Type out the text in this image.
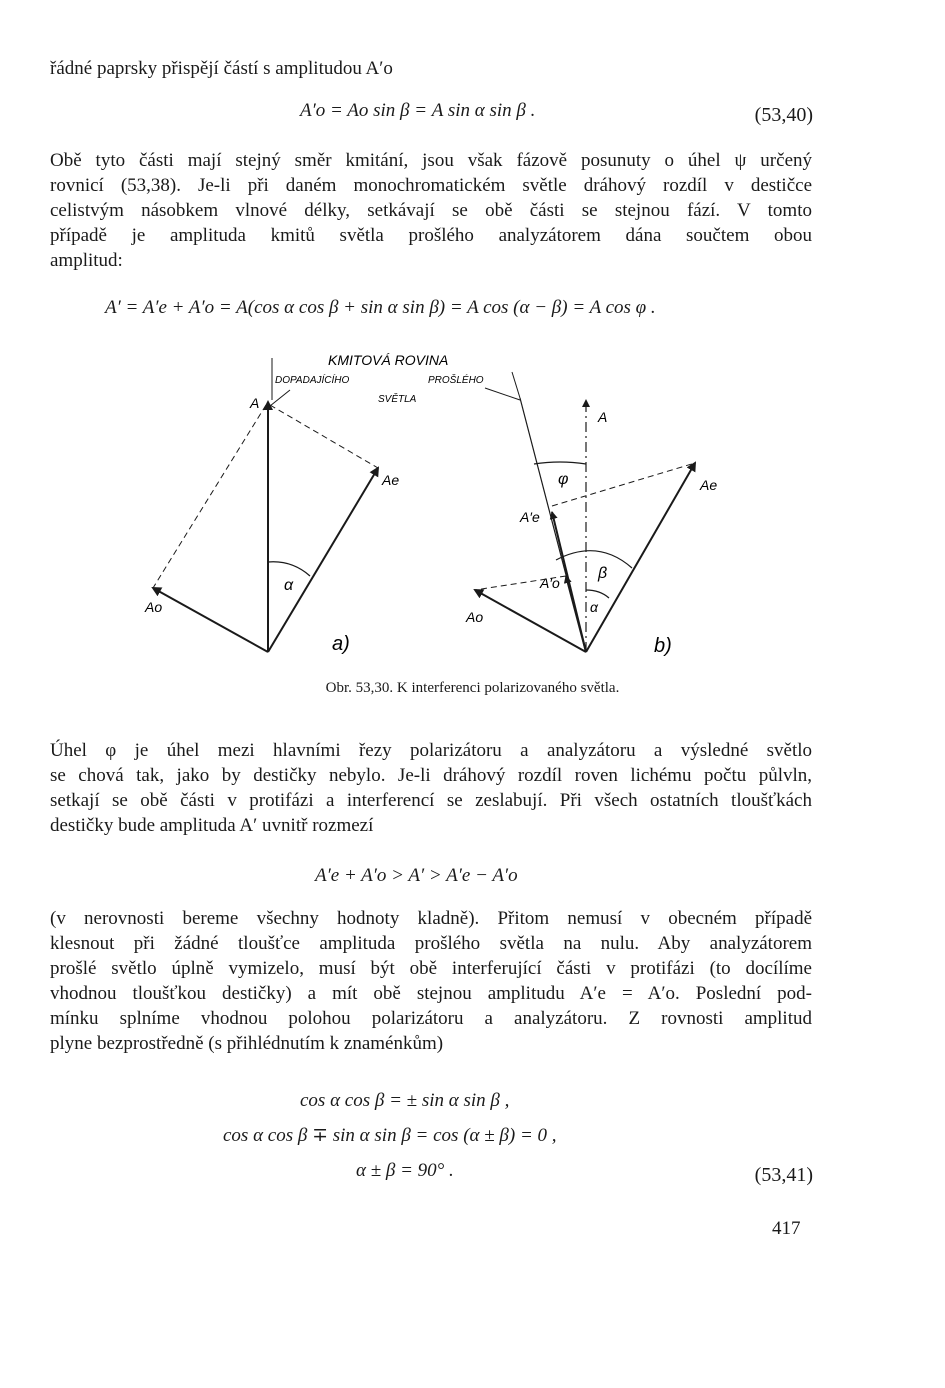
řádné paprsky přispějí částí s amplitudou A′o
A′o = Ao sin β = A sin α sin β .	(53,40)
Obě tyto části mají stejný směr kmitání, jsou však fázově posunuty o úhel ψ určený
rovnicí (53,38). Je-li při daném monochromatickém světle dráhový rozdíl v destičce
celistvým násobkem vlnové délky, setkávají se obě části se stejnou fází. V tomto
případě je amplituda kmitů světla prošlého analyzátorem dána součtem obou
amplitud:
A′ = A′e + A′o = A(cos α cos β + sin α sin β) = A cos (α − β) = A cos φ .
KMITOVÁ ROVINA
DOPADAJÍCÍHO	PROŠLÉHO
SVĚTLA
A
Ae
Ao
α
a)
A
Ae
Ao
A′e
A′o
φ
β
α
b)
Obr. 53,30. K interferenci polarizovaného světla.
Úhel φ je úhel mezi hlavními řezy polarizátoru a analyzátoru a výsledné světlo
se chová tak, jako by destičky nebylo. Je-li dráhový rozdíl roven lichému počtu půlvln,
setkají se obě části v protifázi a interferencí se zeslabují. Při všech ostatních tloušťkách
destičky bude amplituda A′ uvnitř rozmezí
A′e + A′o > A′ > A′e − A′o
(v nerovnosti bereme všechny hodnoty kladně). Přitom nemusí v obecném případě
klesnout při žádné tloušťce amplituda prošlého světla na nulu. Aby analyzátorem
prošlé světlo úplně vymizelo, musí být obě interferující části v protifázi (to docílíme
vhodnou tloušťkou destičky) a mít obě stejnou amplitudu A′e = A′o. Poslední pod-
mínku splníme vhodnou polohou polarizátoru a analyzátoru. Z rovnosti amplitud
plyne bezprostředně (s přihlédnutím k znaménkům)
cos α cos β = ± sin α sin β ,
cos α cos β ∓ sin α sin β = cos (α ± β) = 0 ,
α ± β = 90° .	(53,41)
417
